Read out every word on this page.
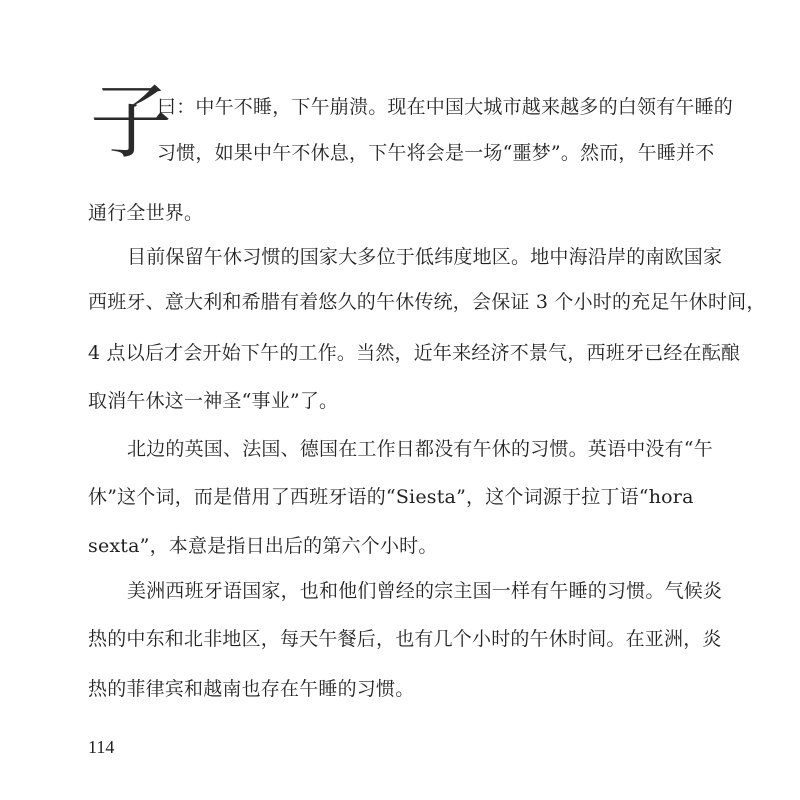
子
曰：中午不睡，下午崩溃。现在中国大城市越来越多的白领有午睡的
习惯，如果中午不休息，下午将会是一场“噩梦”。然而，午睡并不
通行全世界。
目前保留午休习惯的国家大多位于低纬度地区。地中海沿岸的南欧国家
西班牙、意大利和希腊有着悠久的午休传统，会保证 3 个小时的充足午休时间，
4 点以后才会开始下午的工作。当然，近年来经济不景气，西班牙已经在酝酿
取消午休这一神圣“事业”了。
北边的英国、法国、德国在工作日都没有午休的习惯。英语中没有“午
休”这个词，而是借用了西班牙语的“Siesta”，这个词源于拉丁语“hora
sexta”，本意是指日出后的第六个小时。
美洲西班牙语国家，也和他们曾经的宗主国一样有午睡的习惯。气候炎
热的中东和北非地区，每天午餐后，也有几个小时的午休时间。在亚洲，炎
热的菲律宾和越南也存在午睡的习惯。
114
